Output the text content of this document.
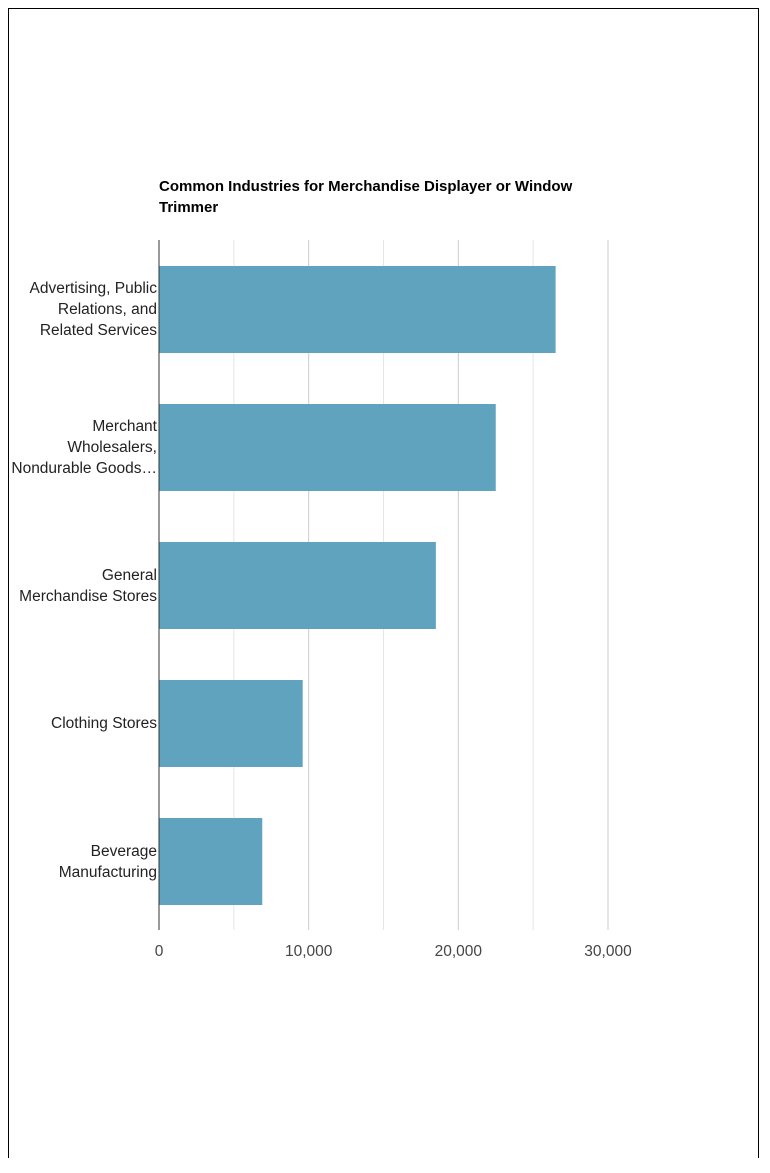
Common Industries for Merchandise Displayer or Window Trimmer
0	10,000	20,000	30,000
Advertising, Public
Relations, and
Related Services
Merchant
Wholesalers,
Nondurable Goods…
General
Merchandise Stores
Clothing Stores
Beverage
Manufacturing
